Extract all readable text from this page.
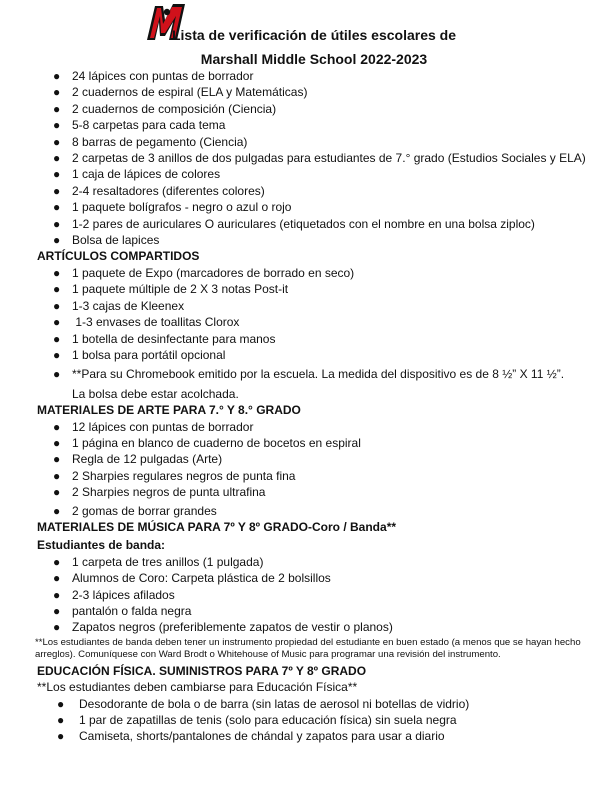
Lista de verificación de útiles escolares de
Marshall Middle School 2022-2023
● 24 lápices con puntas de borrador
● 2 cuadernos de espiral (ELA y Matemáticas)
● 2 cuadernos de composición (Ciencia)
● 5-8 carpetas para cada tema
● 8 barras de pegamento (Ciencia)
● 2 carpetas de 3 anillos de dos pulgadas para estudiantes de 7.° grado (Estudios Sociales y ELA)
● 1 caja de lápices de colores
● 2-4 resaltadores (diferentes colores)
● 1 paquete bolígrafos - negro o azul o rojo
● 1-2 pares de auriculares O auriculares (etiquetados con el nombre en una bolsa ziploc)
● Bolsa de lapices
ARTÍCULOS COMPARTIDOS
● 1 paquete de Expo (marcadores de borrado en seco)
● 1 paquete múltiple de 2 X 3 notas Post-it
● 1-3 cajas de Kleenex
● 1-3 envases de toallitas Clorox
● 1 botella de desinfectante para manos
● 1 bolsa para portátil opcional
● **Para su Chromebook emitido por la escuela. La medida del dispositivo es de 8 ½” X 11 ½”.
La bolsa debe estar acolchada.
MATERIALES DE ARTE PARA 7.° Y 8.° GRADO
● 12 lápices con puntas de borrador
● 1 página en blanco de cuaderno de bocetos en espiral
● Regla de 12 pulgadas (Arte)
● 2 Sharpies regulares negros de punta fina
● 2 Sharpies negros de punta ultrafina
● 2 gomas de borrar grandes
MATERIALES DE MÚSICA PARA 7º Y 8º GRADO-Coro / Banda**
Estudiantes de banda:
● 1 carpeta de tres anillos (1 pulgada)
● Alumnos de Coro: Carpeta plástica de 2 bolsillos
● 2-3 lápices afilados
● pantalón o falda negra
● Zapatos negros (preferiblemente zapatos de vestir o planos)

**Los estudiantes de banda deben tener un instrumento propiedad del estudiante en buen estado (a menos que se hayan hecho arreglos). Comuníquese con Ward Brodt o Whitehouse of Music para programar una revisión del instrumento.

EDUCACIÓN FÍSICA. SUMINISTROS PARA 7º Y 8º GRADO

**Los estudiantes deben cambiarse para Educación Física**

● Desodorante de bola o de barra (sin latas de aerosol ni botellas de vidrio)
● 1 par de zapatillas de tenis (solo para educación física) sin suela negra
● Camiseta, shorts/pantalones de chándal y zapatos para usar a diario
